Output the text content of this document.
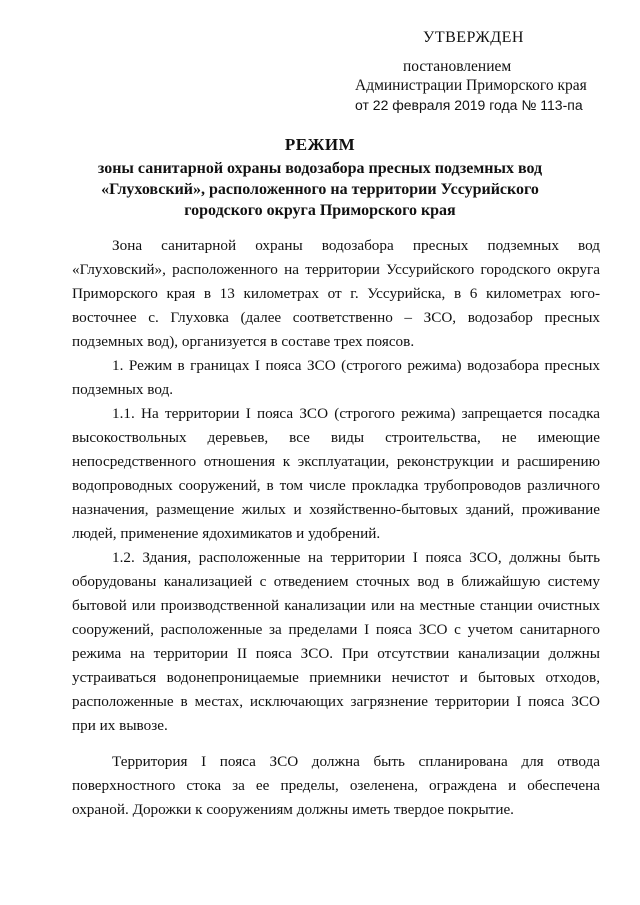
УТВЕРЖДЕН
постановлением
Администрации Приморского края
от 22 февраля 2019 года № 113-па
РЕЖИМ
зоны санитарной охраны водозабора пресных подземных вод «Глуховский», расположенного на территории Уссурийского городского округа Приморского края

Зона санитарной охраны водозабора пресных подземных вод «Глуховский», расположенного на территории Уссурийского городского округа Приморского края в 13 километрах от г. Уссурийска, в 6 километрах юго-восточнее с. Глуховка (далее соответственно – ЗСО, водозабор пресных подземных вод), организуется в составе трех поясов.

1. Режим в границах I пояса ЗСО (строгого режима) водозабора пресных подземных вод.

1.1. На территории I пояса ЗСО (строгого режима) запрещается посадка высокоствольных деревьев, все виды строительства, не имеющие непосредственного отношения к эксплуатации, реконструкции и расширению водопроводных сооружений, в том числе прокладка трубопроводов различного назначения, размещение жилых и хозяйственно-бытовых зданий, проживание людей, применение ядохимикатов и удобрений.

1.2. Здания, расположенные на территории I пояса ЗСО, должны быть оборудованы канализацией с отведением сточных вод в ближайшую систему бытовой или производственной канализации или на местные станции очистных сооружений, расположенные за пределами I пояса ЗСО с учетом санитарного режима на территории II пояса ЗСО. При отсутствии канализации должны устраиваться водонепроницаемые приемники нечистот и бытовых отходов, расположенные в местах, исключающих загрязнение территории I пояса ЗСО при их вывозе.

Территория I пояса ЗСО должна быть спланирована для отвода поверхностного стока за ее пределы, озеленена, ограждена и обеспечена охраной. Дорожки к сооружениям должны иметь твердое покрытие.
